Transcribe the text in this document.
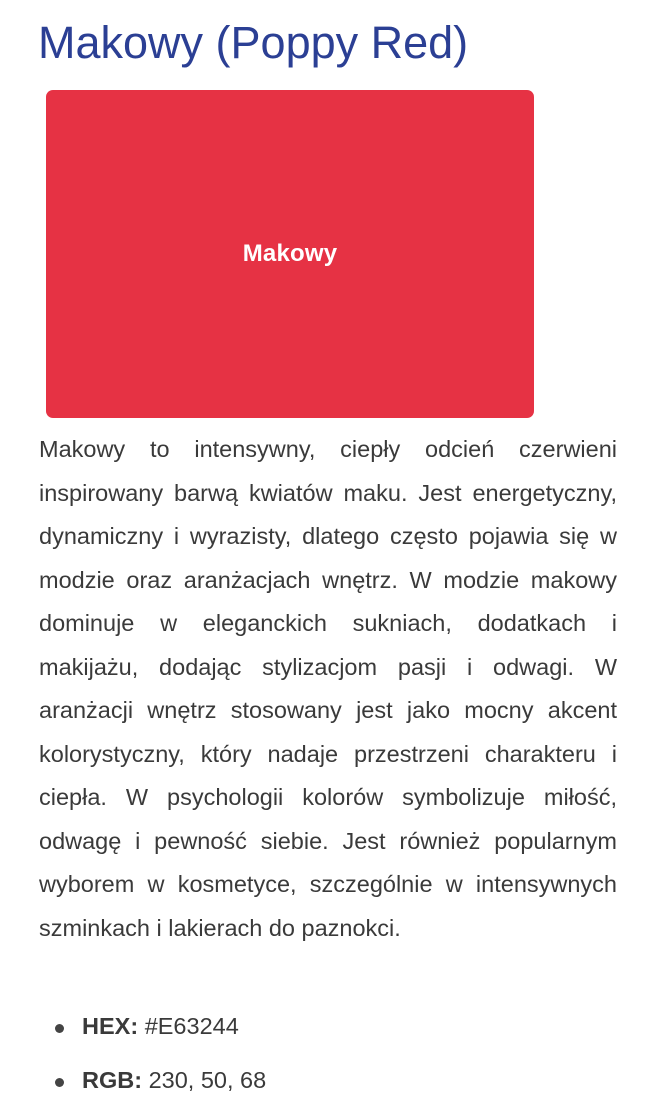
Makowy (Poppy Red)
Makowy

Makowy to intensywny, ciepły odcień czerwieni inspirowany barwą kwiatów maku. Jest energetyczny, dynamiczny i wyrazisty, dlatego często pojawia się w modzie oraz aranżacjach wnętrz. W modzie makowy dominuje w eleganckich sukniach, dodatkach i makijażu, dodając stylizacjom pasji i odwagi. W aranżacji wnętrz stosowany jest jako mocny akcent kolorystyczny, który nadaje przestrzeni charakteru i ciepła. W psychologii kolorów symbolizuje miłość, odwagę i pewność siebie. Jest również popularnym wyborem w kosmetyce, szczególnie w intensywnych szminkach i lakierach do paznokci.

HEX: #E63244
RGB: 230, 50, 68
